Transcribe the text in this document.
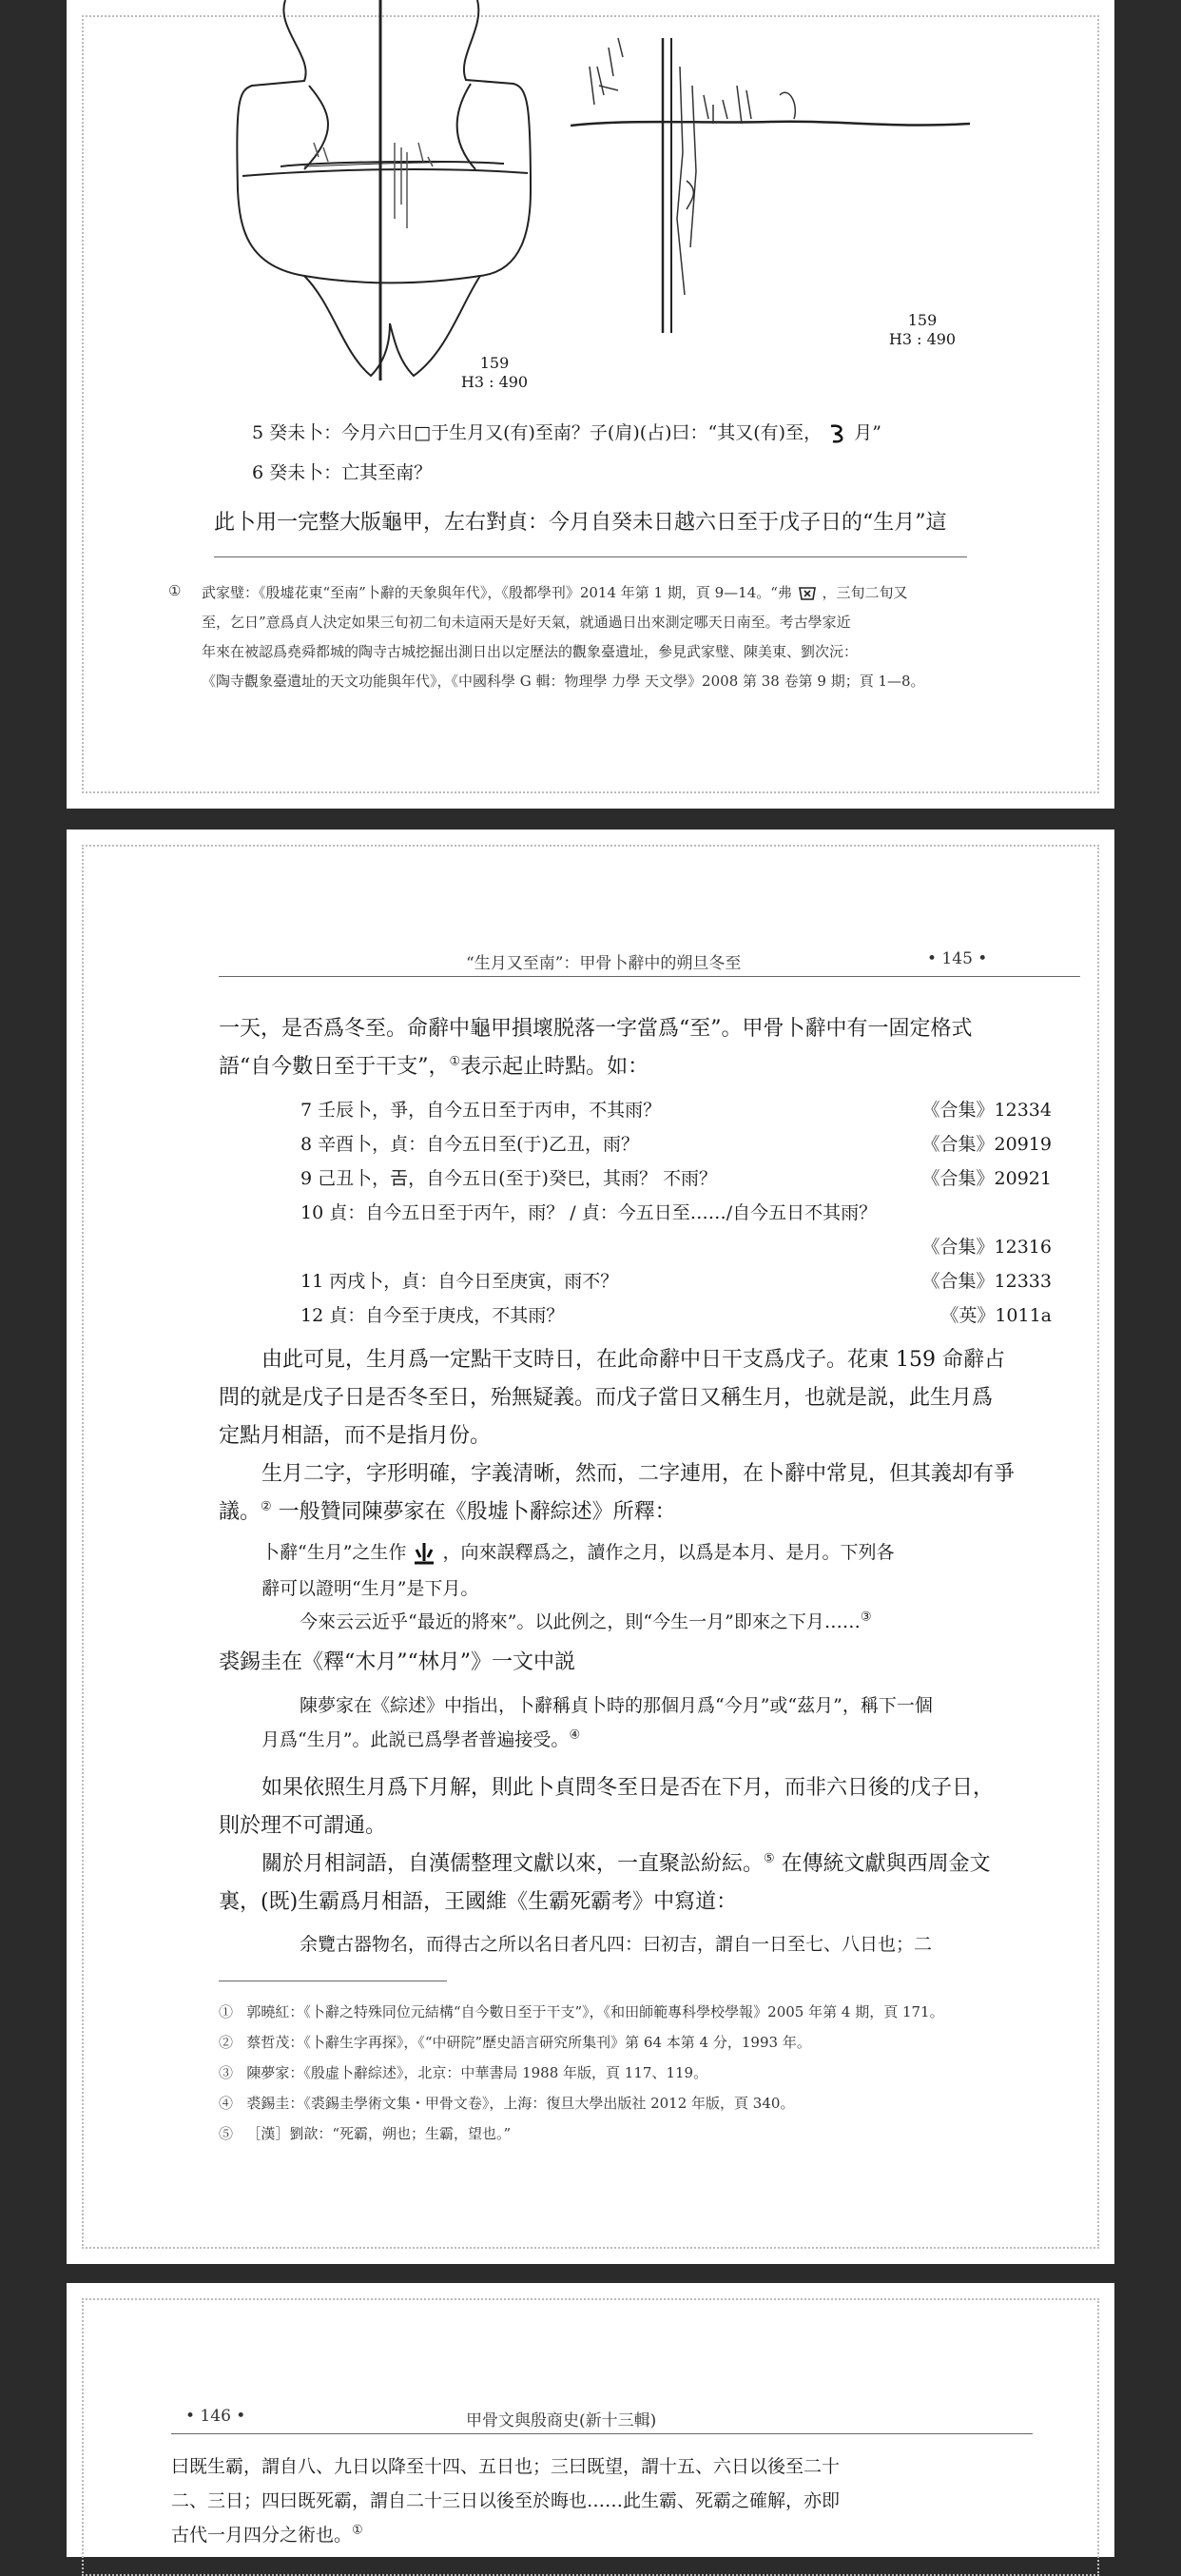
159
H3 : 490
159
H3 : 490
5 癸未卜：今月六日□于生月又(有)至南？子(肩)(占)曰：“其又(有)至， 月”
6 癸未卜：亡其至南？
此卜用一完整大版龜甲，左右對貞：今月自癸未日越六日至于戊子日的“生月”這
① 武家璧：《殷墟花東“至南”卜辭的天象與年代》，《殷都學刊》2014 年第 1 期，頁 9—14。“弗 ，三旬二旬又
至，乞日”意爲貞人決定如果三旬初二旬未這兩天是好天氣，就通過日出來測定哪天日南至。考古學家近
年來在被認爲堯舜都城的陶寺古城挖掘出測日出以定歷法的觀象臺遺址，參見武家璧、陳美東、劉次沅：
《陶寺觀象臺遺址的天文功能與年代》，《中國科學 G 輯：物理學 力學 天文學》2008 第 38 卷第 9 期；頁 1—8。
“生月又至南”：甲骨卜辭中的朔旦冬至	• 145 •
一天，是否爲冬至。命辭中龜甲損壞脱落一字當爲“至”。甲骨卜辭中有一固定格式
語“自今數日至于干支”，①表示起止時點。如：
7 壬辰卜，爭，自今五日至于丙申，不其雨？	《合集》12334
8 辛酉卜，貞：自今五日至(于)乙丑，雨？	《合集》20919
9 己丑卜，𢀛，自今五日(至于)癸巳，其雨？ 不雨？	《合集》20921
10 貞：自今五日至于丙午，雨？ / 貞：今五日至……/自今五日不其雨？
《合集》12316
11 丙戌卜，貞：自今日至庚寅，雨不？	《合集》12333
12 貞：自今至于庚戌，不其雨？	《英》1011a
由此可見，生月爲一定點干支時日，在此命辭中日干支爲戊子。花東 159 命辭占
問的就是戊子日是否冬至日，殆無疑義。而戊子當日又稱生月，也就是説，此生月爲
定點月相語，而不是指月份。
生月二字，字形明確，字義清晰，然而，二字連用，在卜辭中常見，但其義却有爭
議。② 一般贊同陳夢家在《殷墟卜辭綜述》所釋：
卜辭“生月”之生作 ，向來誤釋爲之，讀作之月，以爲是本月、是月。下列各
辭可以證明“生月”是下月。
今來云云近乎“最近的將來”。以此例之，則“今生一月”即來之下月……③
裘錫圭在《釋“木月”“林月”》一文中説
陳夢家在《綜述》中指出，卜辭稱貞卜時的那個月爲“今月”或“茲月”，稱下一個
月爲“生月”。此説已爲學者普遍接受。④
如果依照生月爲下月解，則此卜貞問冬至日是否在下月，而非六日後的戊子日，
則於理不可謂通。
關於月相詞語，自漢儒整理文獻以來，一直聚訟紛紜。⑤ 在傳統文獻與西周金文
裏，(既)生霸爲月相語，王國維《生霸死霸考》中寫道：
余覽古器物名，而得古之所以名日者凡四：曰初吉，謂自一日至七、八日也；二
① 郭曉紅：《卜辭之特殊同位元結構“自今數日至于干支”》，《和田師範專科學校學報》2005 年第 4 期，頁 171。
② 蔡哲茂：《卜辭生字再探》，《“中研院”歷史語言研究所集刊》第 64 本第 4 分，1993 年。
③ 陳夢家：《殷虛卜辭綜述》，北京：中華書局 1988 年版，頁 117、119。
④ 裘錫圭：《裘錫圭學術文集・甲骨文卷》，上海：復旦大學出版社 2012 年版，頁 340。
⑤ ［漢］劉歆：“死霸，朔也；生霸，望也。”
• 146 •	甲骨文與殷商史(新十三輯)
曰既生霸，謂自八、九日以降至十四、五日也；三曰既望，謂十五、六日以後至二十
二、三日；四曰既死霸，謂自二十三日以後至於晦也……此生霸、死霸之確解，亦即
古代一月四分之術也。①
